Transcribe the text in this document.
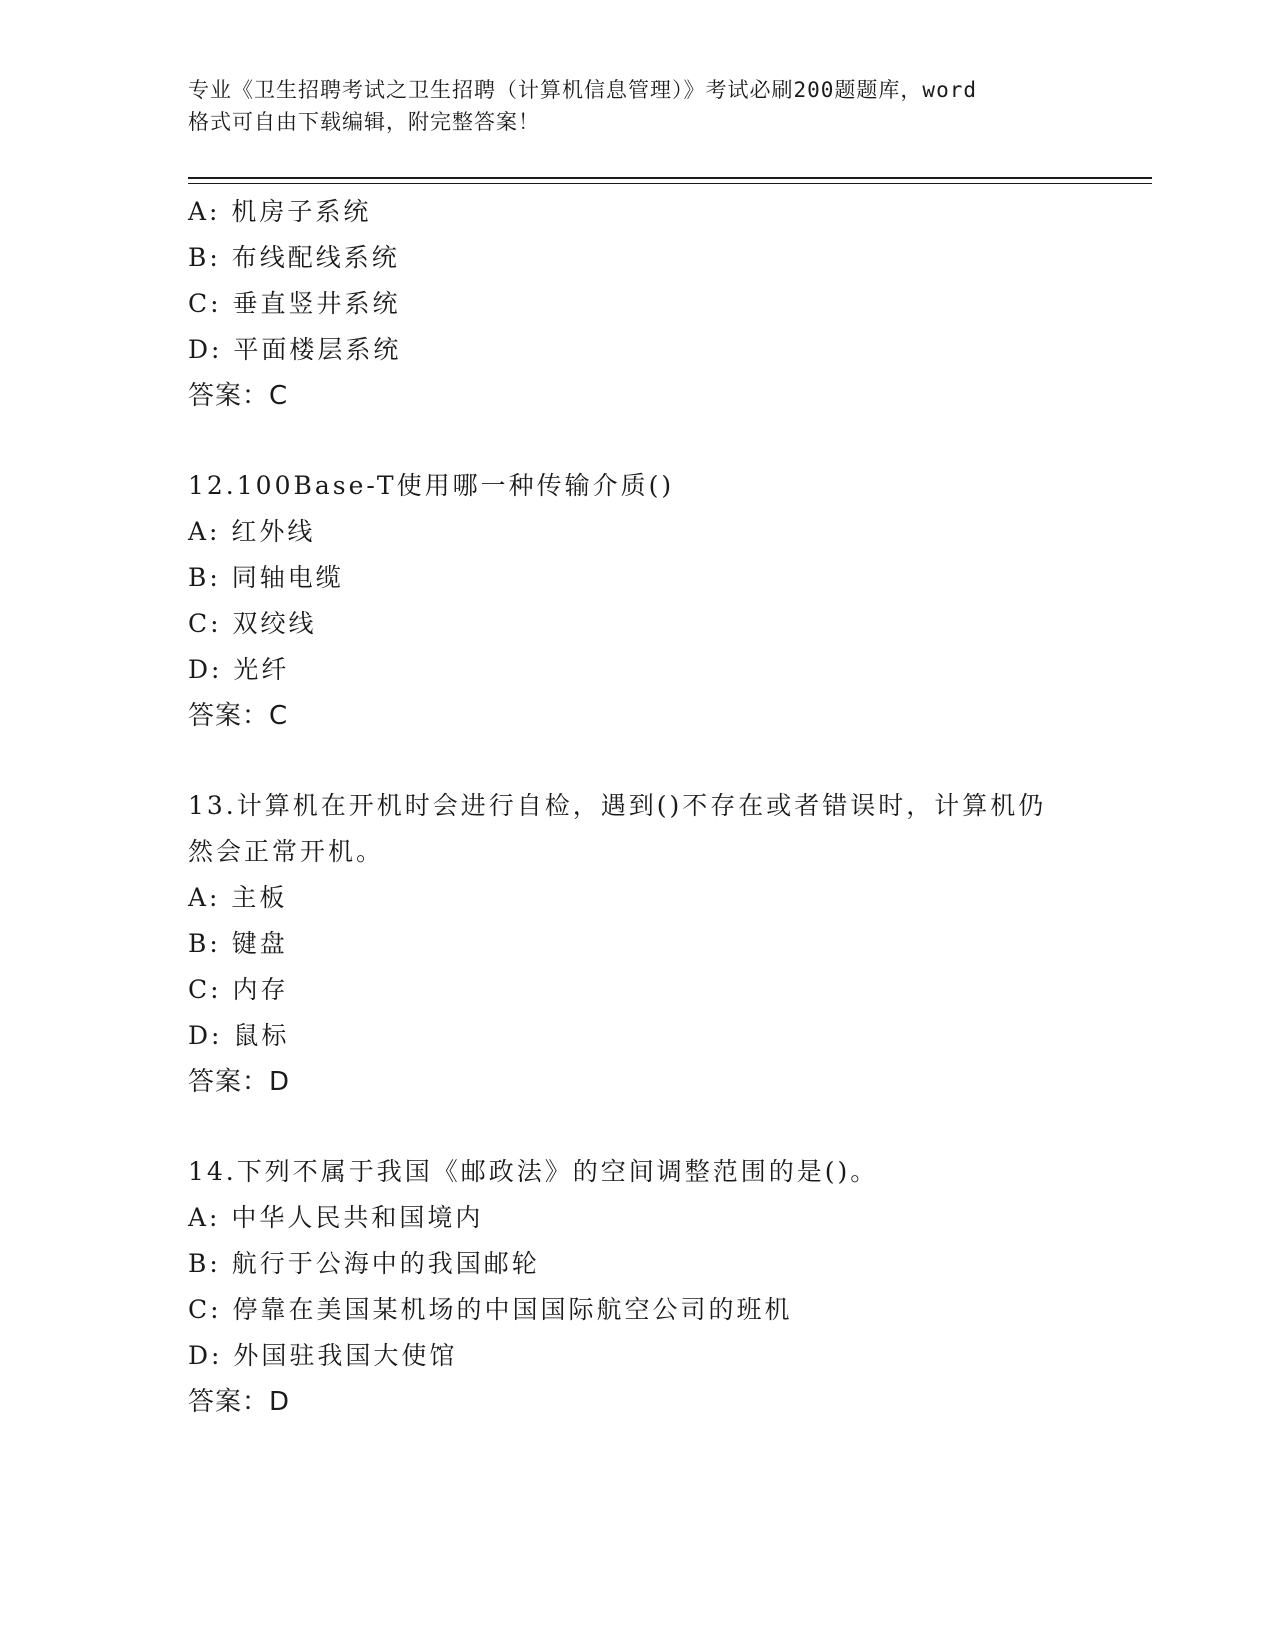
专业《卫生招聘考试之卫生招聘（计算机信息管理）》考试必刷200题题库，word
格式可自由下载编辑，附完整答案！
A: 机房子系统
B: 布线配线系统
C: 垂直竖井系统
D: 平面楼层系统
答案：C
12.100Base-T使用哪一种传输介质()
A: 红外线
B: 同轴电缆
C: 双绞线
D: 光纤
答案：C
13.计算机在开机时会进行自检，遇到()不存在或者错误时，计算机仍
然会正常开机。
A: 主板
B: 键盘
C: 内存
D: 鼠标
答案：D
14.下列不属于我国《邮政法》的空间调整范围的是()。
A: 中华人民共和国境内
B: 航行于公海中的我国邮轮
C: 停靠在美国某机场的中国国际航空公司的班机
D: 外国驻我国大使馆
答案：D
